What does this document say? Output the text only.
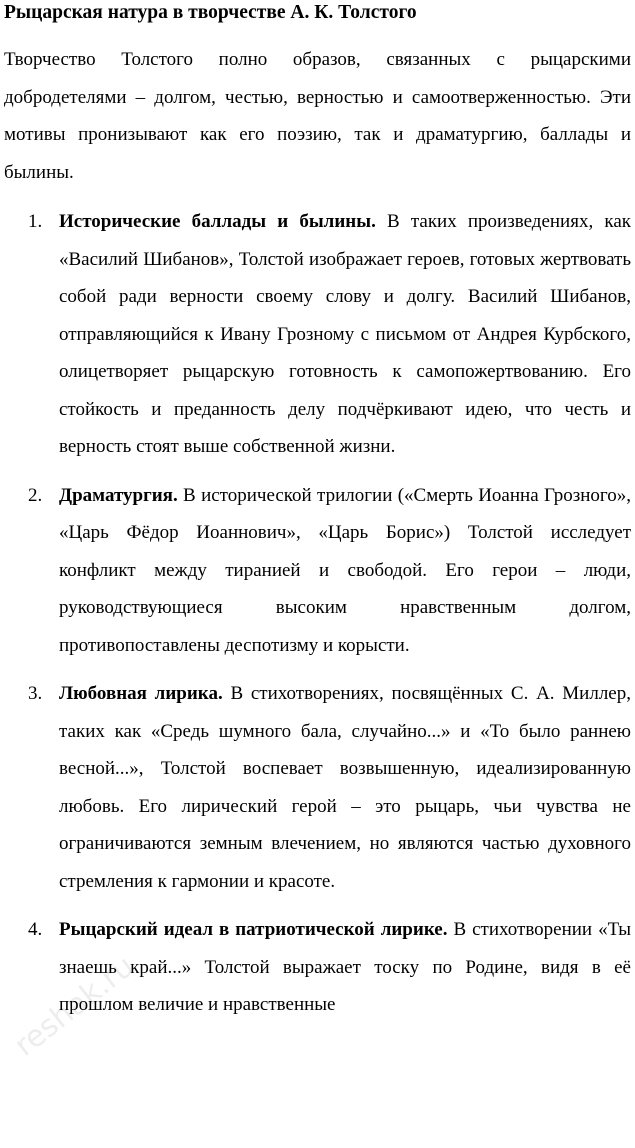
Рыцарская натура в творчестве А. К. Толстого

Творчество Толстого полно образов, связанных с рыцарскими добродетелями – долгом, честью, верностью и самоотверженностью. Эти мотивы пронизывают как его поэзию, так и драматургию, баллады и былины.

1. Исторические баллады и былины. В таких произведениях, как «Василий Шибанов», Толстой изображает героев, готовых жертвовать собой ради верности своему слову и долгу. Василий Шибанов, отправляющийся к Ивану Грозному с письмом от Андрея Курбского, олицетворяет рыцарскую готовность к самопожертвованию. Его стойкость и преданность делу подчёркивают идею, что честь и верность стоят выше собственной жизни.
2. Драматургия. В исторической трилогии («Смерть Иоанна Грозного», «Царь Фёдор Иоаннович», «Царь Борис») Толстой исследует конфликт между тиранией и свободой. Его герои – люди, руководствующиеся высоким нравственным долгом, противопоставлены деспотизму и корысти.
3. Любовная лирика. В стихотворениях, посвящённых С. А. Миллер, таких как «Средь шумного бала, случайно...» и «То было раннею весной...», Толстой воспевает возвышенную, идеализированную любовь. Его лирический герой – это рыцарь, чьи чувства не ограничиваются земным влечением, но являются частью духовного стремления к гармонии и красоте.
4. Рыцарский идеал в патриотической лирике. В стихотворении «Ты знаешь край...» Толстой выражает тоску по Родине, видя в её прошлом величие и нравственные
reshak.ru
